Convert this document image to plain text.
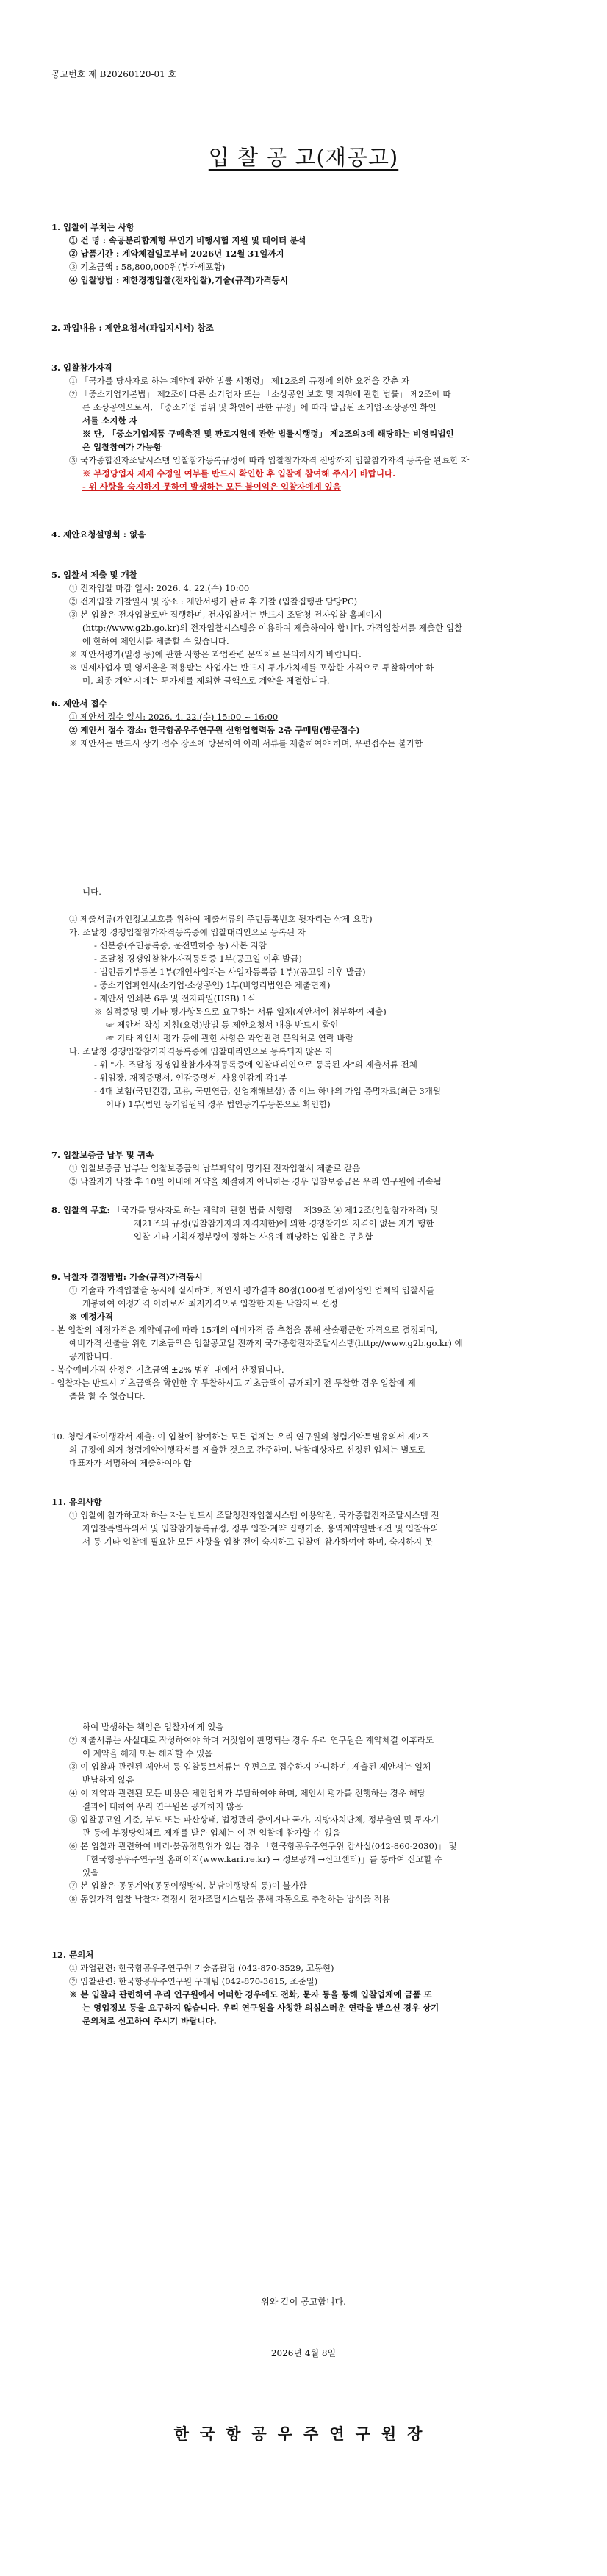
공고번호 제 B20260120-01 호
입 찰 공 고(재공고)
1. 입찰에 부치는 사항
① 건 명 : 속공분리합계형 무인기 비행시험 지원 및 데이터 분석
② 납품기간 : 계약체결일로부터 2026년 12월 31일까지
③ 기초금액 : 58,800,000원(부가세포함)
④ 입찰방법 : 제한경쟁입찰(전자입찰),기술(규격)가격동시
2. 과업내용 : 제안요청서(과업지시서) 참조
3. 입찰참가자격
① 「국가를 당사자로 하는 계약에 관한 법률 시행령」 제12조의 규정에 의한 요건을 갖춘 자
② 「중소기업기본법」 제2조에 따른 소기업자 또는 「소상공인 보호 및 지원에 관한 법률」 제2조에 따
른 소상공인으로서, 「중소기업 범위 및 확인에 관한 규정」에 따라 발급된 소기업·소상공인 확인
서를 소지한 자
※ 단, 「중소기업제품 구매촉진 및 판로지원에 관한 법률시행령」 제2조의3에 해당하는 비영리법인
은 입찰참여가 가능함
③ 국가종합전자조달시스템 입찰참가등록규정에 따라 입찰참가자격 전망까지 입찰참가자격 등록을 완료한 자
※ 부정당업자 제재 수정일 여부를 반드시 확인한 후 입찰에 참여해 주시기 바랍니다.
- 위 사항을 숙지하지 못하여 발생하는 모든 불이익은 입찰자에게 있음
4. 제안요청설명회 : 없음
5. 입찰서 제출 및 개찰
① 전자입찰 마감 일시: 2026. 4. 22.(수) 10:00
② 전자입찰 개찰일시 및 장소 : 제안서평가 완료 후 개찰 (입찰집행관 담당PC)
③ 본 입찰은 전자입찰로만 집행하며, 전자입찰서는 반드시 조달청 전자입찰 홈페이지
(http://www.g2b.go.kr)의 전자입찰시스템을 이용하여 제출하여야 합니다. 가격입찰서를 제출한 입찰
에 한하여 제안서를 제출할 수 있습니다.
※ 제안서평가(일정 등)에 관한 사항은 과업관련 문의처로 문의하시기 바랍니다.
※ 면세사업자 및 영세율을 적용받는 사업자는 반드시 투가가치세를 포함한 가격으로 투찰하여야 하
며, 최종 계약 시에는 투가세를 제외한 금액으로 계약을 체결합니다.
6. 제안서 접수
① 제안서 접수 일시: 2026. 4. 22.(수) 15:00 ~ 16:00
② 제안서 접수 장소: 한국항공우주연구원 신항업협력동 2층 구매팀(방문접수)
※ 제안서는 반드시 상기 접수 장소에 방문하여 아래 서류를 제출하여야 하며, 우편접수는 불가함
니다.
① 제출서류(개인정보보호를 위하여 제출서류의 주민등록번호 뒷자리는 삭제 요망)
가. 조달청 경쟁입찰참가자격등록증에 입찰대리인으로 등록된 자
- 신분증(주민등록증, 운전면허증 등) 사본 지참
- 조달청 경쟁입찰참가자격등록증 1부(공고일 이후 발급)
- 법인등기부등본 1부(개인사업자는 사업자등록증 1부)(공고일 이후 발급)
- 중소기업확인서(소기업·소상공인) 1부(비영리법인은 제출면제)
- 제안서 인쇄본 6부 및 전자파일(USB) 1식
※ 실적증명 및 기타 평가항목으로 요구하는 서류 일체(제안서에 첨부하여 제출)
☞ 제안서 작성 지침(요령)방법 등 제안요청서 내용 반드시 확인
☞ 기타 제안서 평가 등에 관한 사항은 과업관련 문의처로 연락 바람
나. 조달청 경쟁입찰참가자격등록증에 입찰대리인으로 등록되지 않은 자
- 위 "가. 조달청 경쟁입찰참가자격등록증에 입찰대리인으로 등록된 자"의 제출서류 전체
- 위임장, 재직증명서, 인감증명서, 사용인감계 각1부
- 4대 보험(국민건강, 고용, 국민연금, 산업재해보상) 중 어느 하나의 가입 증명자료(최근 3개월
이내) 1부(법인 등기임원의 경우 법인등기부등본으로 확인함)
7. 입찰보증금 납부 및 귀속
① 입찰보증금 납부는 입찰보증금의 납부확약이 명기된 전자입찰서 제출로 갈음
② 낙찰자가 낙찰 후 10일 이내에 계약을 체결하지 아니하는 경우 입찰보증금은 우리 연구원에 귀속됨
8. 입찰의 무효: 「국가를 당사자로 하는 계약에 관한 법률 시행령」 제39조 ④ 제12조(입찰참가자격) 및
제21조의 규정(입찰참가자의 자격제한)에 의한 경쟁참가의 자격이 없는 자가 행한
입찰 기타 기획재정부령이 정하는 사유에 해당하는 입찰은 무효함
9. 낙찰자 결정방법: 기술(규격)가격동시
① 기술과 가격입찰을 동시에 실시하며, 제안서 평가결과 80점(100점 만점)이상인 업체의 입찰서를
개봉하여 예정가격 이하로서 최저가격으로 입찰한 자를 낙찰자로 선정
※ 예정가격
- 본 입찰의 예정가격은 계약예규에 따라 15개의 예비가격 중 추첨을 통해 산술평균한 가격으로 결정되며,
예비가격 산출을 위한 기초금액은 입찰공고일 전까지 국가종합전자조달시스템(http://www.g2b.go.kr) 에
공개합니다.
- 복수예비가격 산정은 기초금액 ±2% 범위 내에서 산정됩니다.
- 입찰자는 반드시 기초금액을 확인한 후 투찰하시고 기초금액이 공개되기 전 투찰할 경우 입찰에 제
출을 할 수 없습니다.
10. 청렴계약이행각서 제출: 이 입찰에 참여하는 모든 업체는 우리 연구원의 청렴계약특별유의서 제2조
의 규정에 의거 청렴계약이행각서를 제출한 것으로 간주하며, 낙찰대상자로 선정된 업체는 별도로
대표자가 서명하여 제출하여야 함
11. 유의사항
① 입찰에 참가하고자 하는 자는 반드시 조달청전자입찰시스템 이용약관, 국가종합전자조달시스템 전
자입찰특별유의서 및 입찰참가등록규정, 정부 입찰·계약 집행기준, 용역계약일반조건 및 입찰유의
서 등 기타 입찰에 필요한 모든 사항을 입찰 전에 숙지하고 입찰에 참가하여야 하며, 숙지하지 못
하여 발생하는 책임은 입찰자에게 있음
② 제출서류는 사실대로 작성하여야 하며 거짓임이 판명되는 경우 우리 연구원은 계약체결 이후라도
이 계약을 해제 또는 해지할 수 있음
③ 이 입찰과 관련된 제안서 등 입찰통보서류는 우편으로 접수하지 아니하며, 제출된 제안서는 일체
반납하지 않음
④ 이 계약과 관련된 모든 비용은 제안업체가 부담하여야 하며, 제안서 평가를 진행하는 경우 해당
결과에 대하여 우리 연구원은 공개하지 않음
⑤ 입찰공고일 기준, 부도 또는 파산상태, 법정관리 중이거나 국가, 지방자치단체, 정부출연 및 투자기
관 등에 부정당업체로 제재를 받은 업체는 이 건 입찰에 참가할 수 없음
⑥ 본 입찰과 관련하여 비리·불공정행위가 있는 경우 「한국항공우주연구원 감사실(042-860-2030)」 및
「한국항공우주연구원 홈페이지(www.kari.re.kr) → 정보공개 →신고센터)」를 통하여 신고할 수
있음
⑦ 본 입찰은 공동계약(공동이행방식, 분담이행방식 등)이 불가함
⑧ 동일가격 입찰 낙찰자 결정시 전자조달시스템을 통해 자동으로 추첨하는 방식을 적용
12. 문의처
① 과업관련: 한국항공우주연구원 기술총괄팀 (042-870-3529, 고동현)
② 입찰관련: 한국항공우주연구원 구매팀 (042-870-3615, 조준일)
※ 본 입찰과 관련하여 우리 연구원에서 어떠한 경우에도 전화, 문자 등을 통해 입찰업체에 금품 또
는 영업정보 등을 요구하지 않습니다. 우리 연구원을 사칭한 의심스러운 연락을 받으신 경우 상기
문의처로 신고하여 주시기 바랍니다.
위와 같이 공고합니다.
2026년 4월 8일
한국항공우주연구원장
